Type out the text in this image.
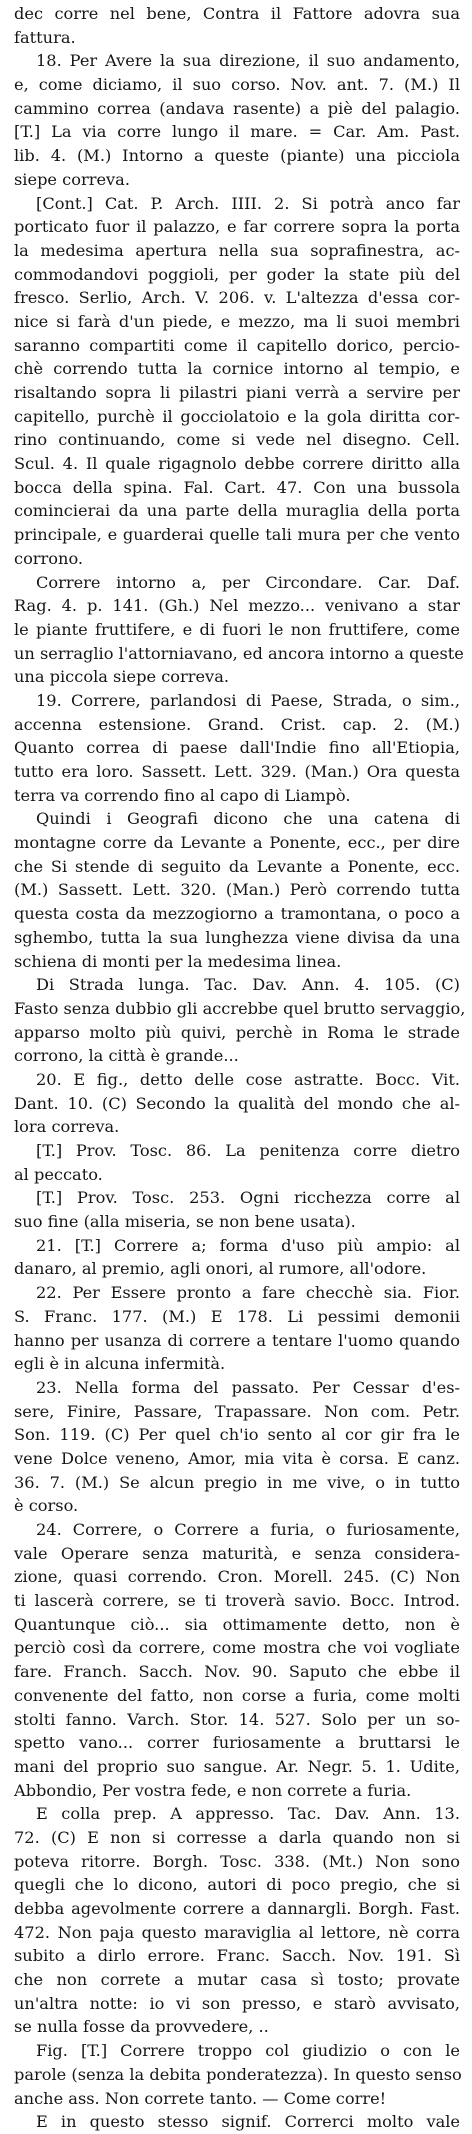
dec corre nel bene, Contra il Fattore adovra sua
fattura.
18. Per Avere la sua direzione, il suo andamento,
e, come diciamo, il suo corso. Nov. ant. 7. (M.) Il
cammino correa (andava rasente) a piè del palagio.
[T.] La via corre lungo il mare. = Car. Am. Past.
lib. 4. (M.) Intorno a queste (piante) una picciola
siepe correva.
[Cont.] Cat. P. Arch. IIII. 2. Si potrà anco far
porticato fuor il palazzo, e far correre sopra la porta
la medesima apertura nella sua soprafinestra, ac-
commodandovi poggioli, per goder la state più del
fresco. Serlio, Arch. V. 206. v. L'altezza d'essa cor-
nice si farà d'un piede, e mezzo, ma li suoi membri
saranno compartiti come il capitello dorico, percio-
chè correndo tutta la cornice intorno al tempio, e
risaltando sopra li pilastri piani verrà a servire per
capitello, purchè il gocciolatoio e la gola diritta cor-
rino continuando, come si vede nel disegno. Cell.
Scul. 4. Il quale rigagnolo debbe correre diritto alla
bocca della spina. Fal. Cart. 47. Con una bussola
comincierai da una parte della muraglia della porta
principale, e guarderai quelle tali mura per che vento
corrono.
Correre intorno a, per Circondare. Car. Daf.
Rag. 4. p. 141. (Gh.) Nel mezzo... venivano a star
le piante fruttifere, e di fuori le non fruttifere, come
un serraglio l'attorniavano, ed ancora intorno a queste
una piccola siepe correva.
19. Correre, parlandosi di Paese, Strada, o sim.,
accenna estensione. Grand. Crist. cap. 2. (M.)
Quanto correa di paese dall'Indie fino all'Etiopia,
tutto era loro. Sassett. Lett. 329. (Man.) Ora questa
terra va correndo fino al capo di Liampò.
Quindi i Geografi dicono che una catena di
montagne corre da Levante a Ponente, ecc., per dire
che Si stende di seguito da Levante a Ponente, ecc.
(M.) Sassett. Lett. 320. (Man.) Però correndo tutta
questa costa da mezzogiorno a tramontana, o poco a
sghembo, tutta la sua lunghezza viene divisa da una
schiena di monti per la medesima linea.
Di Strada lunga. Tac. Dav. Ann. 4. 105. (C)
Fasto senza dubbio gli accrebbe quel brutto servaggio,
apparso molto più quivi, perchè in Roma le strade
corrono, la città è grande...
20. E fig., detto delle cose astratte. Bocc. Vit.
Dant. 10. (C) Secondo la qualità del mondo che al-
lora correva.
[T.] Prov. Tosc. 86. La penitenza corre dietro
al peccato.
[T.] Prov. Tosc. 253. Ogni ricchezza corre al
suo fine (alla miseria, se non bene usata).
21. [T.] Correre a; forma d'uso più ampio: al
danaro, al premio, agli onori, al rumore, all'odore.
22. Per Essere pronto a fare checchè sia. Fior.
S. Franc. 177. (M.) E 178. Li pessimi demonii
hanno per usanza di correre a tentare l'uomo quando
egli è in alcuna infermità.
23. Nella forma del passato. Per Cessar d'es-
sere, Finire, Passare, Trapassare. Non com. Petr.
Son. 119. (C) Per quel ch'io sento al cor gir fra le
vene Dolce veneno, Amor, mia vita è corsa. E canz.
36. 7. (M.) Se alcun pregio in me vive, o in tutto
è corso.
24. Correre, o Correre a furia, o furiosamente,
vale Operare senza maturità, e senza considera-
zione, quasi correndo. Cron. Morell. 245. (C) Non
ti lascerà correre, se ti troverà savio. Bocc. Introd.
Quantunque ciò... sia ottimamente detto, non è
perciò così da correre, come mostra che voi vogliate
fare. Franch. Sacch. Nov. 90. Saputo che ebbe il
convenente del fatto, non corse a furia, come molti
stolti fanno. Varch. Stor. 14. 527. Solo per un so-
spetto vano... correr furiosamente a bruttarsi le
mani del proprio suo sangue. Ar. Negr. 5. 1. Udite,
Abbondio, Per vostra fede, e non correte a furia.
E colla prep. A appresso. Tac. Dav. Ann. 13.
72. (C) E non si corresse a darla quando non si
poteva ritorre. Borgh. Tosc. 338. (Mt.) Non sono
quegli che lo dicono, autori di poco pregio, che si
debba agevolmente correre a dannargli. Borgh. Fast.
472. Non paja questo maraviglia al lettore, nè corra
subito a dirlo errore. Franc. Sacch. Nov. 191. Sì
che non correte a mutar casa sì tosto; provate
un'altra notte: io vi son presso, e starò avvisato,
se nulla fosse da provvedere, ..
Fig. [T.] Correre troppo col giudizio o con le
parole (senza la debita ponderatezza). In questo senso
anche ass. Non correte tanto. — Come corre!
E in questo stesso signif. Correrci molto vale
